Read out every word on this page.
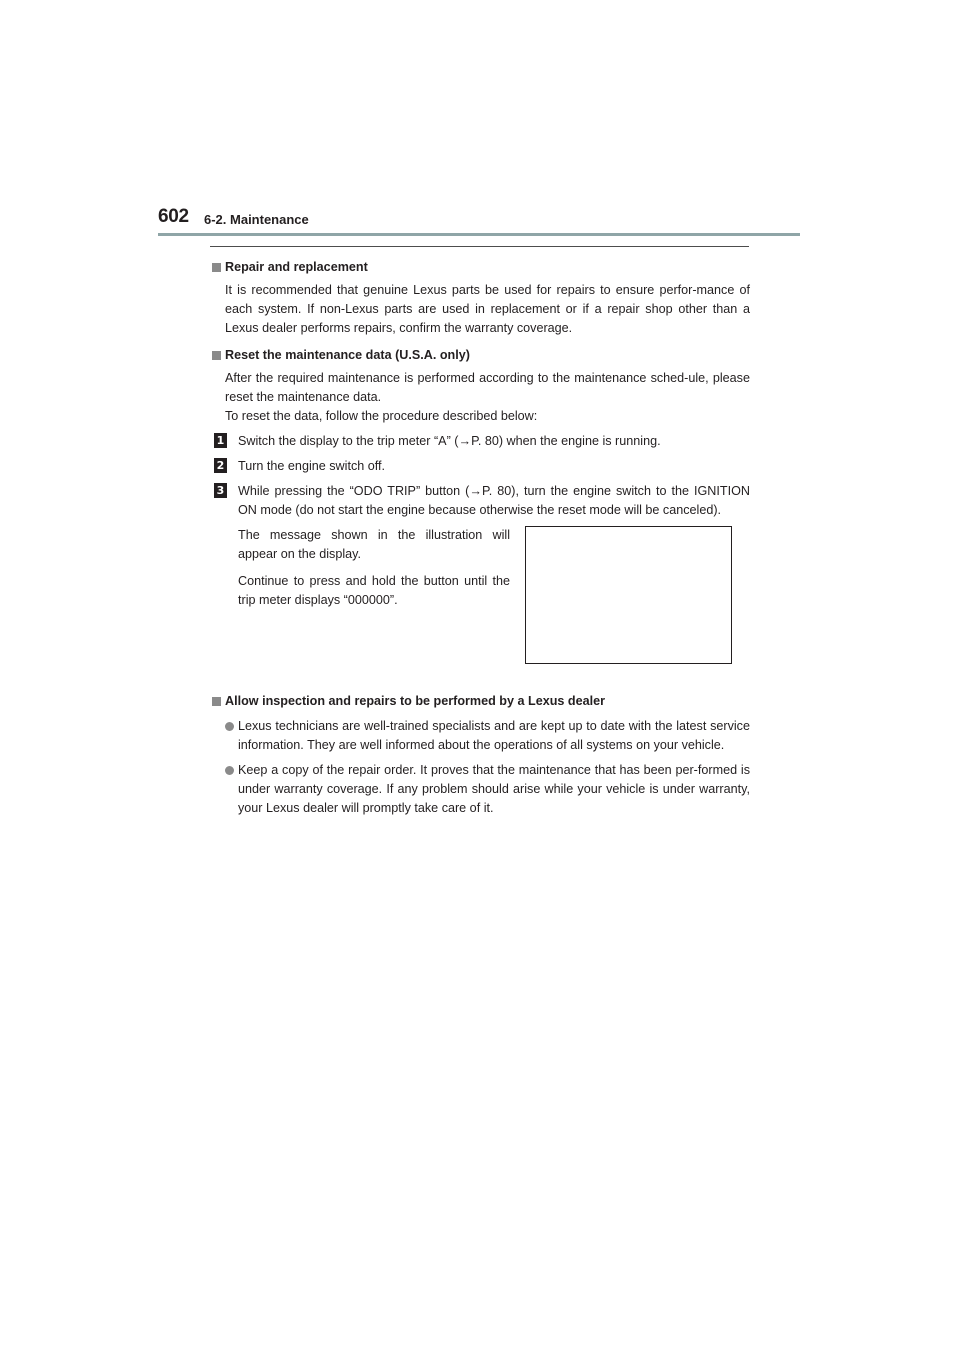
602 6-2. Maintenance
Repair and replacement

It is recommended that genuine Lexus parts be used for repairs to ensure perfor-mance of each system. If non-Lexus parts are used in replacement or if a repair shop other than a Lexus dealer performs repairs, confirm the warranty coverage.

Reset the maintenance data (U.S.A. only)

After the required maintenance is performed according to the maintenance sched-ule, please reset the maintenance data.

To reset the data, follow the procedure described below:

1 Switch the display to the trip meter “A” (→P. 80) when the engine is running.
2 Turn the engine switch off.
3 While pressing the “ODO TRIP” button (→P. 80), turn the engine switch to the IGNITION ON mode (do not start the engine because otherwise the reset mode will be canceled).

The message shown in the illustration will appear on the display.

Continue to press and hold the button until the trip meter displays “000000”.

Allow inspection and repairs to be performed by a Lexus dealer
Lexus technicians are well-trained specialists and are kept up to date with the latest service information. They are well informed about the operations of all systems on your vehicle.
Keep a copy of the repair order. It proves that the maintenance that has been per-formed is under warranty coverage. If any problem should arise while your vehicle is under warranty, your Lexus dealer will promptly take care of it.
